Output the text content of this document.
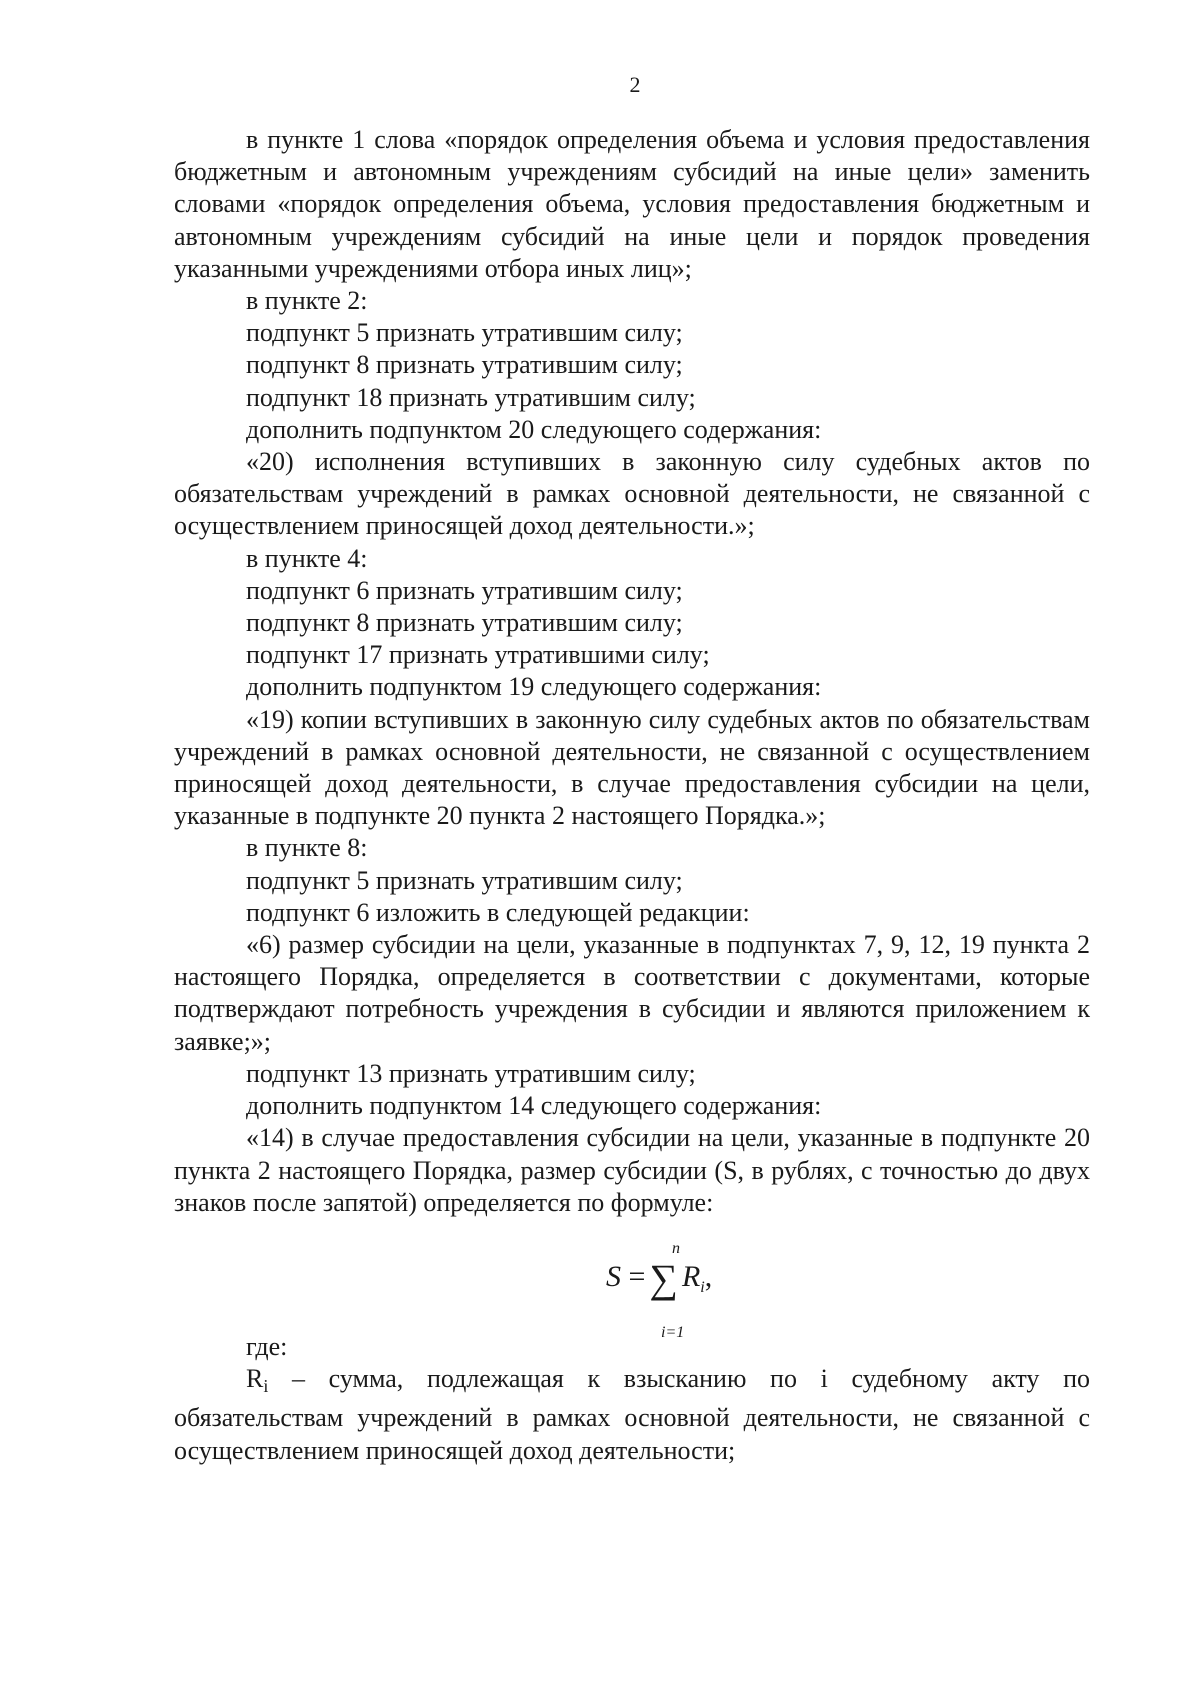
2

в пункте 1 слова «порядок определения объема и условия предоставления бюджетным и автономным учреждениям субсидий на иные цели» заменить словами «порядок определения объема, условия предоставления бюджетным и автономным учреждениям субсидий на иные цели и порядок проведения указанными учреждениями отбора иных лиц»;

в пункте 2:

подпункт 5 признать утратившим силу;

подпункт 8 признать утратившим силу;

подпункт 18 признать утратившим силу;

дополнить подпунктом 20 следующего содержания:

«20) исполнения вступивших в законную силу судебных актов по обязательствам учреждений в рамках основной деятельности, не связанной с осуществлением приносящей доход деятельности.»;

в пункте 4:

подпункт 6 признать утратившим силу;

подпункт 8 признать утратившим силу;

подпункт 17 признать утратившими силу;

дополнить подпунктом 19 следующего содержания:

«19) копии вступивших в законную силу судебных актов по обязательствам учреждений в рамках основной деятельности, не связанной с осуществлением приносящей доход деятельности, в случае предоставления субсидии на цели, указанные в подпункте 20 пункта 2 настоящего Порядка.»;

в пункте 8:

подпункт 5 признать утратившим силу;

подпункт 6 изложить в следующей редакции:

«6) размер субсидии на цели, указанные в подпунктах 7, 9, 12, 19 пункта 2 настоящего Порядка, определяется в соответствии с документами, которые подтверждают потребность учреждения в субсидии и являются приложением к заявке;»;

подпункт 13 признать утратившим силу;

дополнить подпунктом 14 следующего содержания:

«14) в случае предоставления субсидии на цели, указанные в подпункте 20 пункта 2 настоящего Порядка, размер субсидии (S, в рублях, с точностью до двух знаков после запятой) определяется по формуле:

n
S = ∑ $R_i$,
i=1

где:

Ri – сумма, подлежащая к взысканию по i судебному акту по обязательствам учреждений в рамках основной деятельности, не связанной с осуществлением приносящей доход деятельности;
